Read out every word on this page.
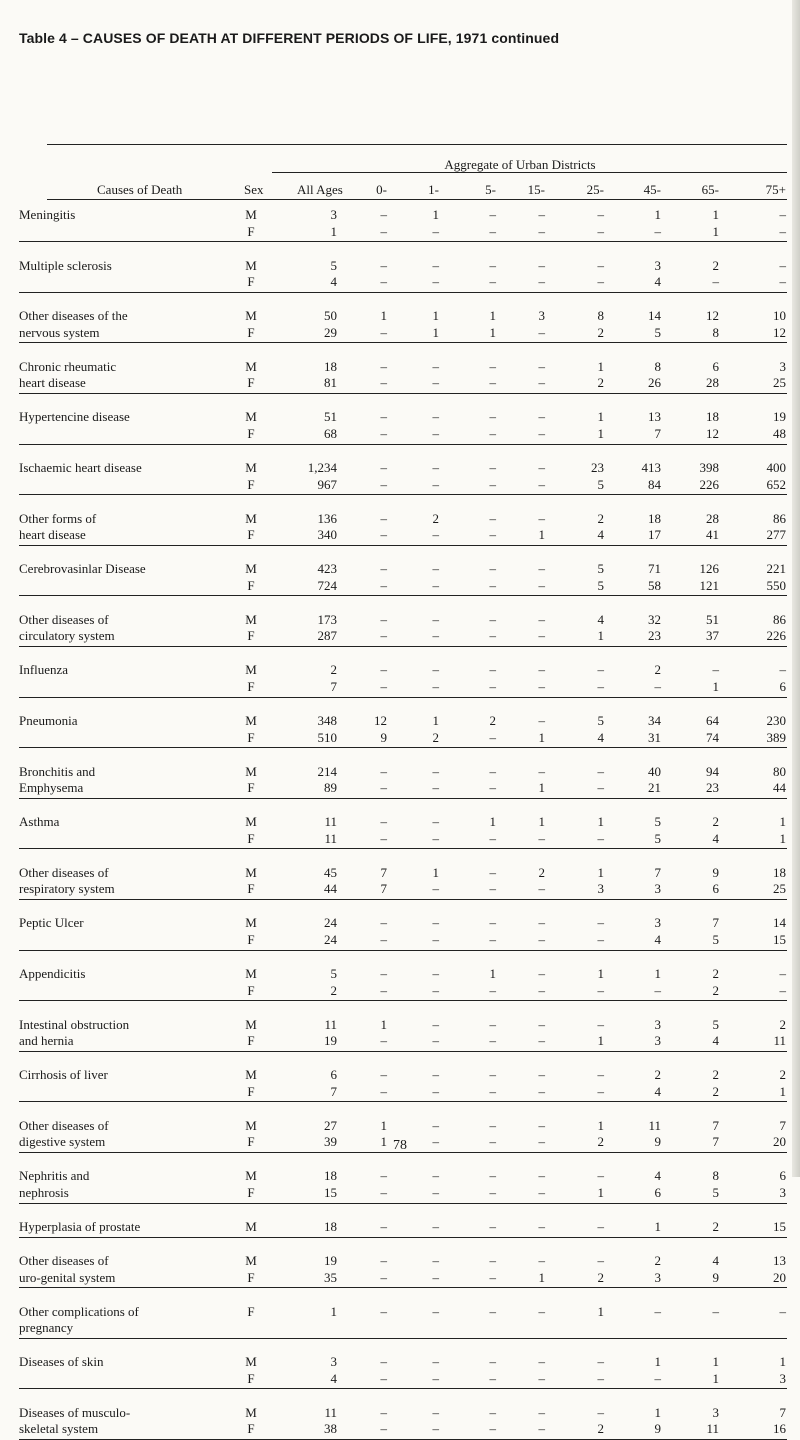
Table 4 – CAUSES OF DEATH AT DIFFERENT PERIODS OF LIFE, 1971 continued
Aggregate of Urban Districts
Causes of Death	Sex	All Ages	0-	1-	5-	15-	25-	45-	65-	75+
Meningitis	M	3	–	1	–	–	–	1	1	–
F	1	–	–	–	–	–	–	1	–
Multiple sclerosis	M	5	–	–	–	–	–	3	2	–
F	4	–	–	–	–	–	4	–	–
Other diseases of the
nervous system
M	50	1	1	1	3	8	14	12	10
F	29	–	1	1	–	2	5	8	12
Chronic rheumatic
heart disease
M	18	–	–	–	–	1	8	6	3
F	81	–	–	–	–	2	26	28	25
Hypertencine disease	M	51	–	–	–	–	1	13	18	19
F	68	–	–	–	–	1	7	12	48
Ischaemic heart disease	M	1,234	–	–	–	–	23	413	398	400
F	967	–	–	–	–	5	84	226	652
Other forms of
heart disease
M	136	–	2	–	–	2	18	28	86
F	340	–	–	–	1	4	17	41	277
Cerebrovasinlar Disease	M	423	–	–	–	–	5	71	126	221
F	724	–	–	–	–	5	58	121	550
Other diseases of
circulatory system
M	173	–	–	–	–	4	32	51	86
F	287	–	–	–	–	1	23	37	226
Influenza	M	2	–	–	–	–	–	2	–	–
F	7	–	–	–	–	–	–	1	6
Pneumonia	M	348	12	1	2	–	5	34	64	230
F	510	9	2	–	1	4	31	74	389
Bronchitis and
Emphysema
M	214	–	–	–	–	–	40	94	80
F	89	–	–	–	1	–	21	23	44
Asthma	M	11	–	–	1	1	1	5	2	1
F	11	–	–	–	–	–	5	4	1
Other diseases of
respiratory system
M	45	7	1	–	2	1	7	9	18
F	44	7	–	–	–	3	3	6	25
Peptic Ulcer	M	24	–	–	–	–	–	3	7	14
F	24	–	–	–	–	–	4	5	15
Appendicitis	M	5	–	–	1	–	1	1	2	–
F	2	–	–	–	–	–	–	2	–
Intestinal obstruction
and hernia
M	11	1	–	–	–	–	3	5	2
F	19	–	–	–	–	1	3	4	11
Cirrhosis of liver	M	6	–	–	–	–	–	2	2	2
F	7	–	–	–	–	–	4	2	1
Other diseases of
digestive system
M	27	1	–	–	–	1	11	7	7
F	39	1	–	–	–	2	9	7	20
Nephritis and
nephrosis
M	18	–	–	–	–	–	4	8	6
F	15	–	–	–	–	1	6	5	3
Hyperplasia of prostate	M	18	–	–	–	–	–	1	2	15
Other diseases of
uro-genital system
M	19	–	–	–	–	–	2	4	13
F	35	–	–	–	1	2	3	9	20
Other complications of
pregnancy
F	1	–	–	–	–	1	–	–	–
Diseases of skin	M	3	–	–	–	–	–	1	1	1
F	4	–	–	–	–	–	–	1	3
Diseases of musculo-
skeletal system
M	11	–	–	–	–	–	1	3	7
F	38	–	–	–	–	2	9	11	16
78
